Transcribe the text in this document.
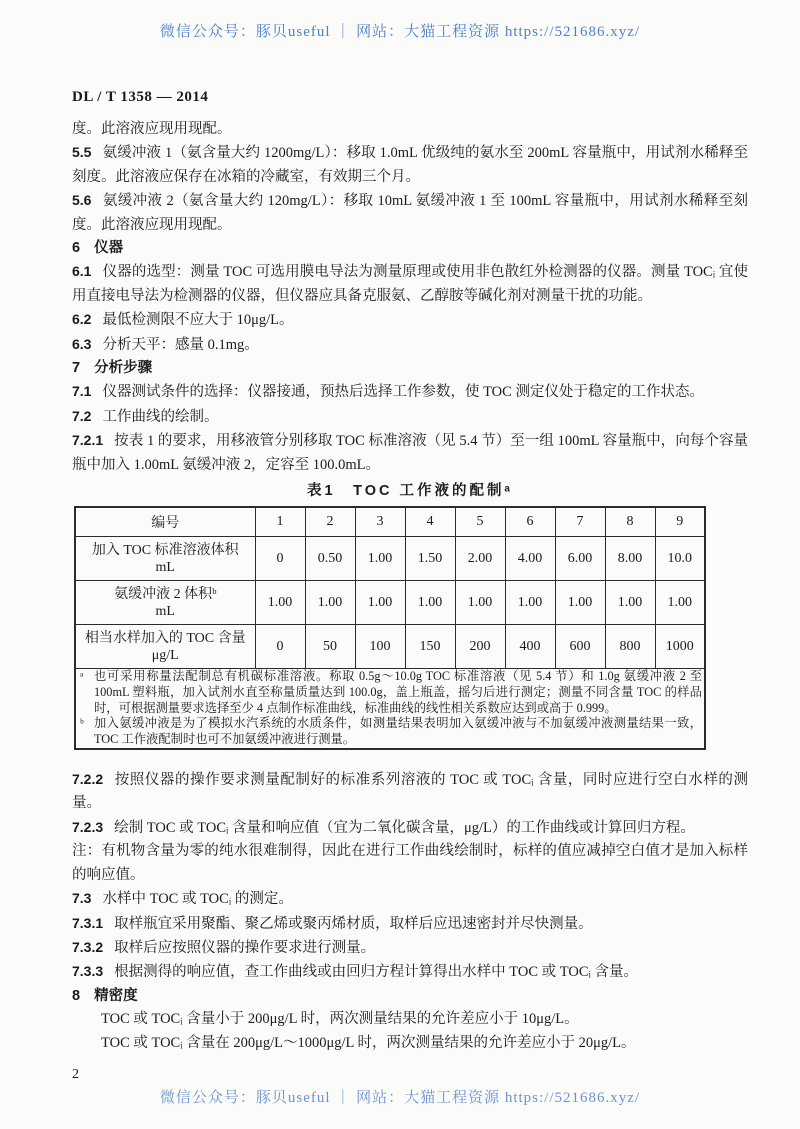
微信公众号：豚贝useful ｜ 网站：大猫工程资源 https://521686.xyz/
DL / T 1358 — 2014

度。此溶液应现用现配。

5.5 氨缓冲液 1（氨含量大约 1200mg/L）：移取 1.0mL 优级纯的氨水至 200mL 容量瓶中，用试剂水稀释至刻度。此溶液应保存在冰箱的冷藏室，有效期三个月。

5.6 氨缓冲液 2（氨含量大约 120mg/L）：移取 10mL 氨缓冲液 1 至 100mL 容量瓶中，用试剂水稀释至刻度。此溶液应现用现配。

6 仪器

6.1 仪器的选型：测量 TOC 可选用膜电导法为测量原理或使用非色散红外检测器的仪器。测量 TOCᵢ 宜使用直接电导法为检测器的仪器，但仪器应具备克服氨、乙醇胺等碱化剂对测量干扰的功能。

6.2 最低检测限不应大于 10μg/L。

6.3 分析天平：感量 0.1mg。

7 分析步骤

7.1 仪器测试条件的选择：仪器接通，预热后选择工作参数，使 TOC 测定仪处于稳定的工作状态。

7.2 工作曲线的绘制。

7.2.1 按表 1 的要求，用移液管分别移取 TOC 标准溶液（见 5.4 节）至一组 100mL 容量瓶中，向每个容量瓶中加入 1.00mL 氨缓冲液 2，定容至 100.0mL。

表1　TOC 工作液的配制ᵃ
编号	1	2	3	4	5	6	7	8	9
加入 TOC 标准溶液体积
mL	0	0.50	1.00	1.50	2.00	4.00	6.00	8.00	10.0
氨缓冲液 2 体积ᵇ
mL	1.00	1.00	1.00	1.00	1.00	1.00	1.00	1.00	1.00
相当水样加入的 TOC 含量
μg/L	0	50	100	150	200	400	600	800	1000

ᵃ 也可采用称量法配制总有机碳标准溶液。称取 0.5g～10.0g TOC 标准溶液（见 5.4 节）和 1.0g 氨缓冲液 2 至 100mL 塑料瓶，加入试剂水直至称量质量达到 100.0g，盖上瓶盖，摇匀后进行测定；测量不同含量 TOC 的样品时，可根据测量要求选择至少 4 点制作标准曲线，标准曲线的线性相关系数应达到或高于 0.999。
ᵇ 加入氨缓冲液是为了模拟水汽系统的水质条件，如测量结果表明加入氨缓冲液与不加氨缓冲液测量结果一致，TOC 工作液配制时也可不加氨缓冲液进行测量。									

7.2.2 按照仪器的操作要求测量配制好的标准系列溶液的 TOC 或 TOCᵢ 含量，同时应进行空白水样的测量。

7.2.3 绘制 TOC 或 TOCᵢ 含量和响应值（宜为二氧化碳含量，μg/L）的工作曲线或计算回归方程。

注：有机物含量为零的纯水很难制得，因此在进行工作曲线绘制时，标样的值应减掉空白值才是加入标样的响应值。

7.3 水样中 TOC 或 TOCᵢ 的测定。

7.3.1 取样瓶宜采用聚酯、聚乙烯或聚丙烯材质，取样后应迅速密封并尽快测量。

7.3.2 取样后应按照仪器的操作要求进行测量。

7.3.3 根据测得的响应值，查工作曲线或由回归方程计算得出水样中 TOC 或 TOCᵢ 含量。

8 精密度

TOC 或 TOCᵢ 含量小于 200μg/L 时，两次测量结果的允许差应小于 10μg/L。

TOC 或 TOCᵢ 含量在 200μg/L～1000μg/L 时，两次测量结果的允许差应小于 20μg/L。

2
微信公众号：豚贝useful ｜ 网站：大猫工程资源 https://521686.xyz/
